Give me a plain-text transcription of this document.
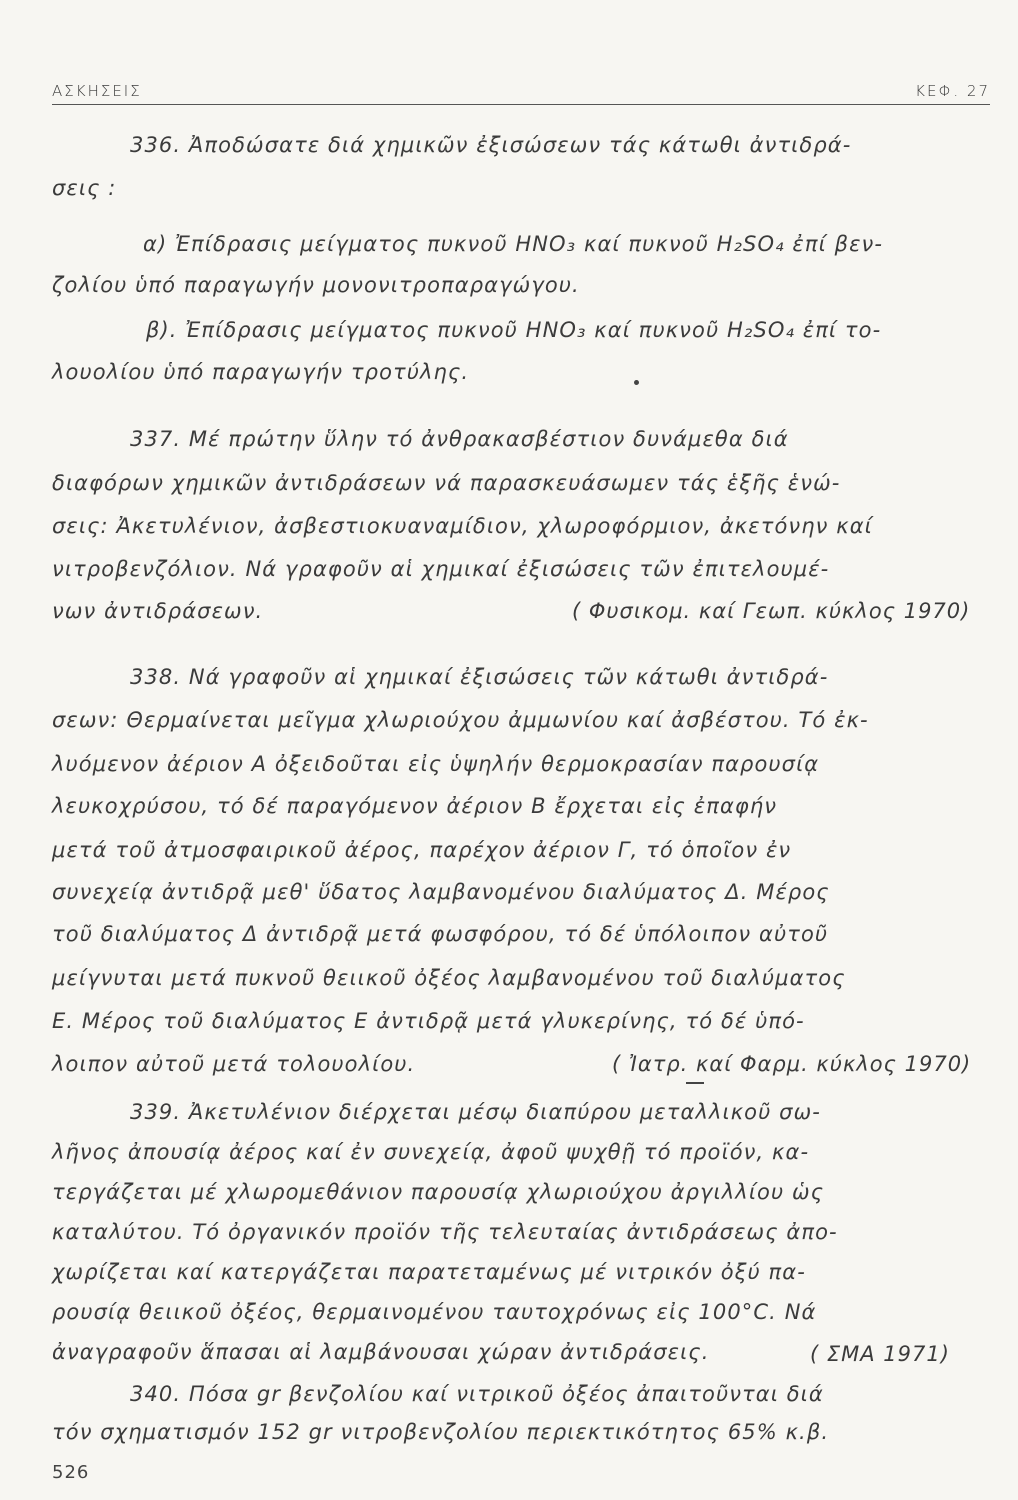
ΑΣΚΗΣΕΙΣ	ΚΕΦ. 27
336. Ἀποδώσατε διά χημικῶν ἐξισώσεων τάς κάτωθι ἀντιδρά-
σεις :
α) Ἐπίδρασις μείγματος πυκνοῦ HNO₃ καί πυκνοῦ H₂SO₄ ἐπί βεν-
ζολίου ὑπό παραγωγήν μονονιτροπαραγώγου.
β). Ἐπίδρασις μείγματος πυκνοῦ HNO₃ καί πυκνοῦ H₂SO₄ ἐπί το-
λουολίου ὑπό παραγωγήν τροτύλης.
337. Μέ πρώτην ὕλην τό ἀνθρακασβέστιον δυνάμεθα διά
διαφόρων χημικῶν ἀντιδράσεων νά παρασκευάσωμεν τάς ἑξῆς ἑνώ-
σεις: Ἀκετυλένιον, ἀσβεστιοκυαναμίδιον, χλωροφόρμιον, ἀκετόνην καί
νιτροβενζόλιον. Νά γραφοῦν αἱ χημικαί ἐξισώσεις τῶν ἐπιτελουμέ-
νων ἀντιδράσεων.	( Φυσικομ. καί Γεωπ. κύκλος 1970)
338. Νά γραφοῦν αἱ χημικαί ἐξισώσεις τῶν κάτωθι ἀντιδρά-
σεων: Θερμαίνεται μεῖγμα χλωριούχου ἀμμωνίου καί ἀσβέστου. Τό ἐκ-
λυόμενον ἀέριον Α ὀξειδοῦται εἰς ὑψηλήν θερμοκρασίαν παρουσίᾳ
λευκοχρύσου, τό δέ παραγόμενον ἀέριον Β ἔρχεται εἰς ἐπαφήν
μετά τοῦ ἀτμοσφαιρικοῦ ἀέρος, παρέχον ἀέριον Γ, τό ὁποῖον ἐν
συνεχείᾳ ἀντιδρᾷ μεθ' ὕδατος λαμβανομένου διαλύματος Δ. Μέρος
τοῦ διαλύματος Δ ἀντιδρᾷ μετά φωσφόρου, τό δέ ὑπόλοιπον αὐτοῦ
μείγνυται μετά πυκνοῦ θειικοῦ ὀξέος λαμβανομένου τοῦ διαλύματος
Ε. Μέρος τοῦ διαλύματος Ε ἀντιδρᾷ μετά γλυκερίνης, τό δέ ὑπό-
λοιπον αὐτοῦ μετά τολουολίου.	( Ἰατρ. καί Φαρμ. κύκλος 1970)
339. Ἀκετυλένιον διέρχεται μέσῳ διαπύρου μεταλλικοῦ σω-
λῆνος ἀπουσίᾳ ἀέρος καί ἐν συνεχείᾳ, ἀφοῦ ψυχθῇ τό προϊόν, κα-
τεργάζεται μέ χλωρομεθάνιον παρουσίᾳ χλωριούχου ἀργιλλίου ὡς
καταλύτου. Τό ὀργανικόν προϊόν τῆς τελευταίας ἀντιδράσεως ἀπο-
χωρίζεται καί κατεργάζεται παρατεταμένως μέ νιτρικόν ὀξύ πα-
ρουσίᾳ θειικοῦ ὀξέος, θερμαινομένου ταυτοχρόνως εἰς 100°C. Νά
ἀναγραφοῦν ἅπασαι αἱ λαμβάνουσαι χώραν ἀντιδράσεις.	( ΣΜΑ 1971)
340. Πόσα gr βενζολίου καί νιτρικοῦ ὀξέος ἀπαιτοῦνται διά
τόν σχηματισμόν 152 gr νιτροβενζολίου περιεκτικότητος 65% κ.β.
526
